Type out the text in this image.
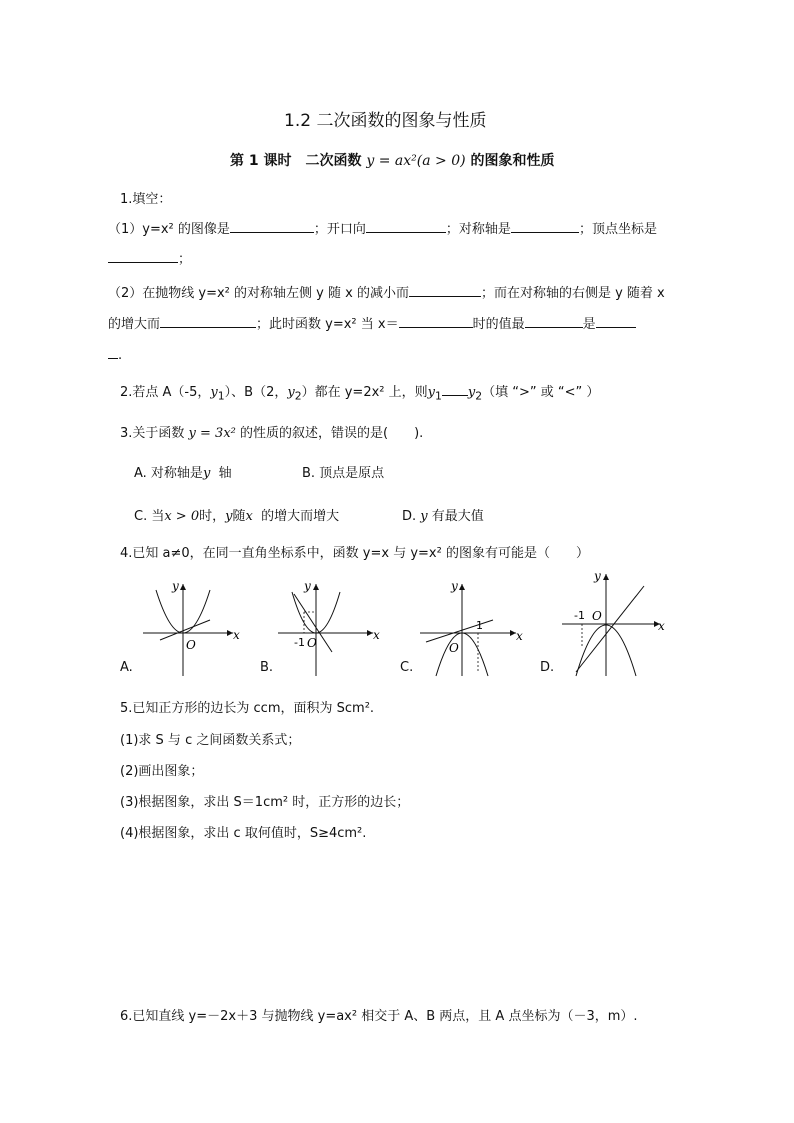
1.2 二次函数的图象与性质
第 1 课时　二次函数 y = ax²(a > 0) 的图象和性质
1.填空：
（1）y=x² 的图像是	；开口向	；对称轴是	；顶点坐标是
；
（2）在抛物线 y=x² 的对称轴左侧 y 随 x 的减小而	；而在对称轴的右侧是 y 随着 x
的增大而	；此时函数 y=x² 当 x＝	时的值最	是
.
2.若点 A（-5，$y_1$）、B（2，$y_2$）都在 y=2x² 上，则$y_1$ $y_2$（填 “>” 或 “<” ）
3.关于函数 y = 3x² 的性质的叙述，错误的是(　　).
A. 对称轴是y 轴	B. 顶点是原点
C. 当x > 0时，y随x 的增大而增大	D. y 有最大值
4.已知 a≠0，在同一直角坐标系中，函数 y=x 与 y=x² 的图象有可能是（　　）
x
y
O
A.
x
y
O
-1
B.
x
y
O
1
C.
x
y
O
-1
D.
5.已知正方形的边长为 ccm，面积为 Scm².
(1)求 S 与 c 之间函数关系式；
(2)画出图象；
(3)根据图象，求出 S＝1cm² 时，正方形的边长；
(4)根据图象，求出 c 取何值时，S≥4cm².
6.已知直线 y=－2x＋3 与抛物线 y=ax² 相交于 A、B 两点，且 A 点坐标为（－3，m）.
